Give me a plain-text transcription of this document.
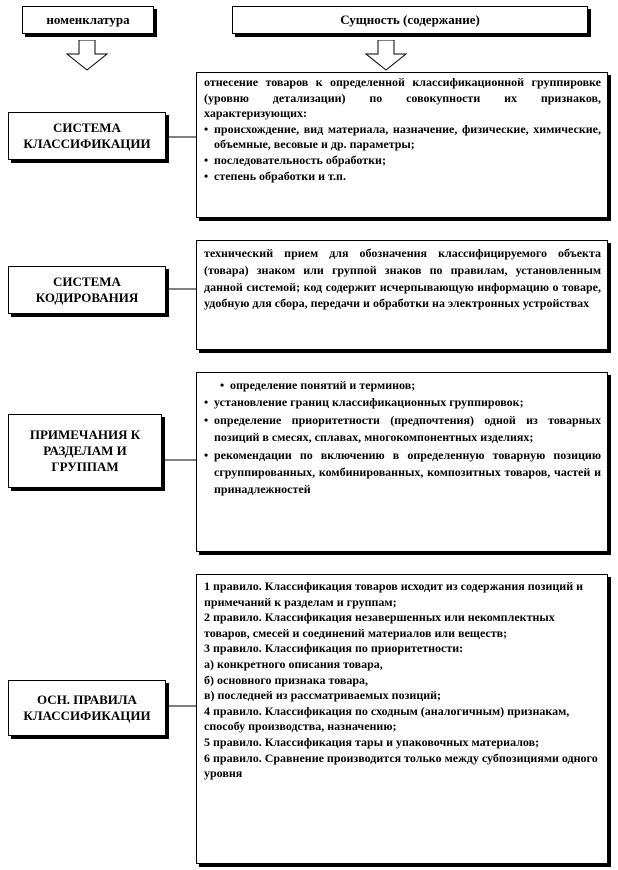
номенклатура	Сущность (содержание)
СИСТЕМА
КЛАССИФИКАЦИИ

отнесение товаров к определенной классификационной группировке (уровню детализации) по совокупности их признаков, характеризующих:

• происхождение, вид материала, назначение, физические, химические, объемные, весовые и др. параметры;
• последовательность обработки;
• степень обработки и т.п.
СИСТЕМА
КОДИРОВАНИЯ

технический прием для обозначения классифицируемого объекта (товара) знаком или группой знаков по правилам, установленным данной системой; код содержит исчерпывающую информацию о товаре, удобную для сбора, передачи и обработки на электронных устройствах

ПРИМЕЧАНИЯ К
РАЗДЕЛАМ И
ГРУППАМ
• определение понятий и терминов;
• установление границ классификационных группировок;
• определение приоритетности (предпочтения) одной из товарных позиций в смесях, сплавах, многокомпонентных изделиях;
• рекомендации по включению в определенную товарную позицию сгруппированных, комбинированных, композитных товаров, частей и принадлежностей
ОСН. ПРАВИЛА
КЛАССИФИКАЦИИ

1 правило. Классификация товаров исходит из содержания позиций и примечаний к разделам и группам;

2 правило. Классификация незавершенных или некомплектных товаров, смесей и соединений материалов или веществ;

3 правило. Классификация по приоритетности:

а) конкретного описания товара,

б) основного признака товара,

в) последней из рассматриваемых позиций;

4 правило. Классификация по сходным (аналогичным) признакам, способу производства, назначению;

5 правило. Классификация тары и упаковочных материалов;

6 правило. Сравнение производится только между субпозициями одного уровня
